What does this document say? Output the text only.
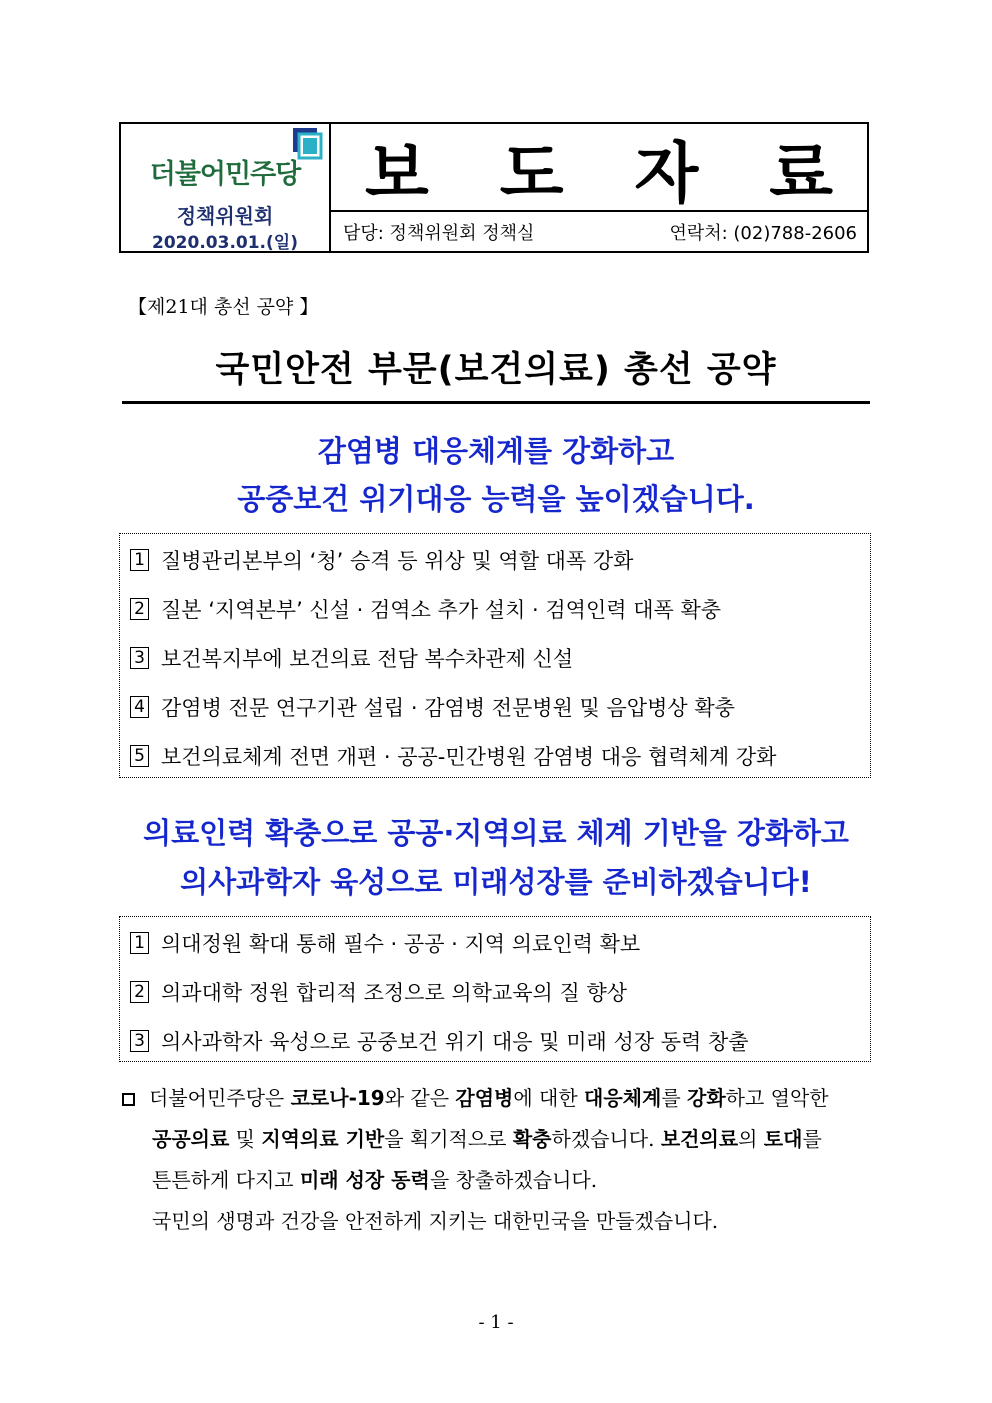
더불어민주당
정책위원회
2020.03.01.(일)
보 도 자 료
담당: 정책위원회 정책실	연락처: (02)788-2606
【제21대 총선 공약 】
국민안전 부문(보건의료) 총선 공약
감염병 대응체계를 강화하고
공중보건 위기대응 능력을 높이겠습니다.
1 질병관리본부의 ‘청’ 승격 등 위상 및 역할 대폭 강화
2 질본 ‘지역본부’ 신설 · 검역소 추가 설치 · 검역인력 대폭 확충
3 보건복지부에 보건의료 전담 복수차관제 신설
4 감염병 전문 연구기관 설립 · 감염병 전문병원 및 음압병상 확충
5 보건의료체계 전면 개편 · 공공-민간병원 감염병 대응 협력체계 강화
의료인력 확충으로 공공·지역의료 체계 기반을 강화하고
의사과학자 육성으로 미래성장를 준비하겠습니다!
1 의대정원 확대 통해 필수 · 공공 · 지역 의료인력 확보
2 의과대학 정원 합리적 조정으로 의학교육의 질 향상
3 의사과학자 육성으로 공중보건 위기 대응 및 미래 성장 동력 창출
더불어민주당은 코로나-19와 같은 감염병에 대한 대응체계를 강화하고 열악한
공공의료 및 지역의료 기반을 획기적으로 확충하겠습니다. 보건의료의 토대를
튼튼하게 다지고 미래 성장 동력을 창출하겠습니다.
국민의 생명과 건강을 안전하게 지키는 대한민국을 만들겠습니다.
- 1 -
